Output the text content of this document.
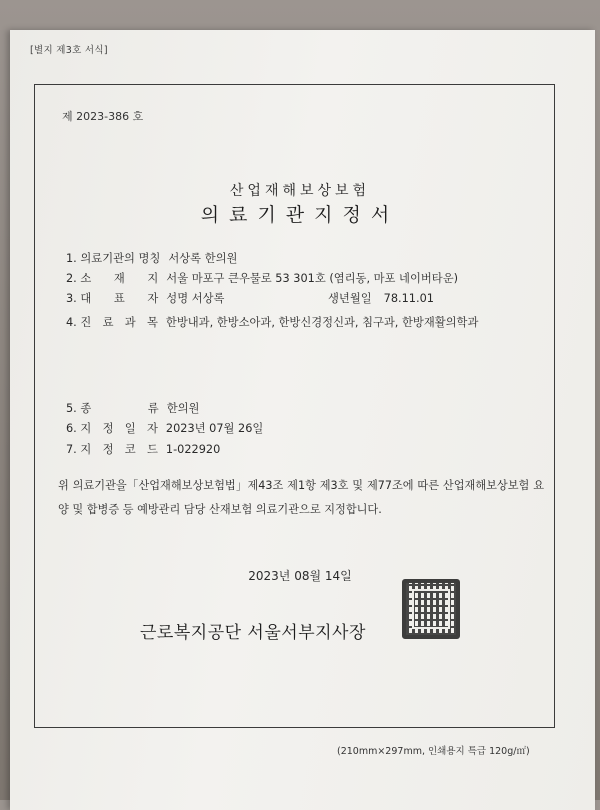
[별지 제3호 서식]
제 2023-386 호
산업재해보상보험
의료기관지정서
1. 의료기관의 명칭 서상록 한의원
2. 소　　재　　지 서울 마포구 큰우물로 53 301호 (염리동, 마포 네이버타운)
3. 대　　표　　자 성명 서상록	생년월일 78.11.01
4. 진　료　과　목 한방내과, 한방소아과, 한방신경정신과, 침구과, 한방재활의학과
5. 종　　　　　류 한의원
6. 지　정　일　자 2023년 07월 26일
7. 지　정　코　드 1-022920
위 의료기관을「산업재해보상보험법」제43조 제1항 제3호 및 제77조에 따른 산업재해보상보험 요양 및 합병증 등 예방관리 담당 산재보험 의료기관으로 지정합니다.
2023년 08월 14일
근로복지공단 서울서부지사장
(210mm×297mm, 인쇄용지 특급 120g/㎡)
